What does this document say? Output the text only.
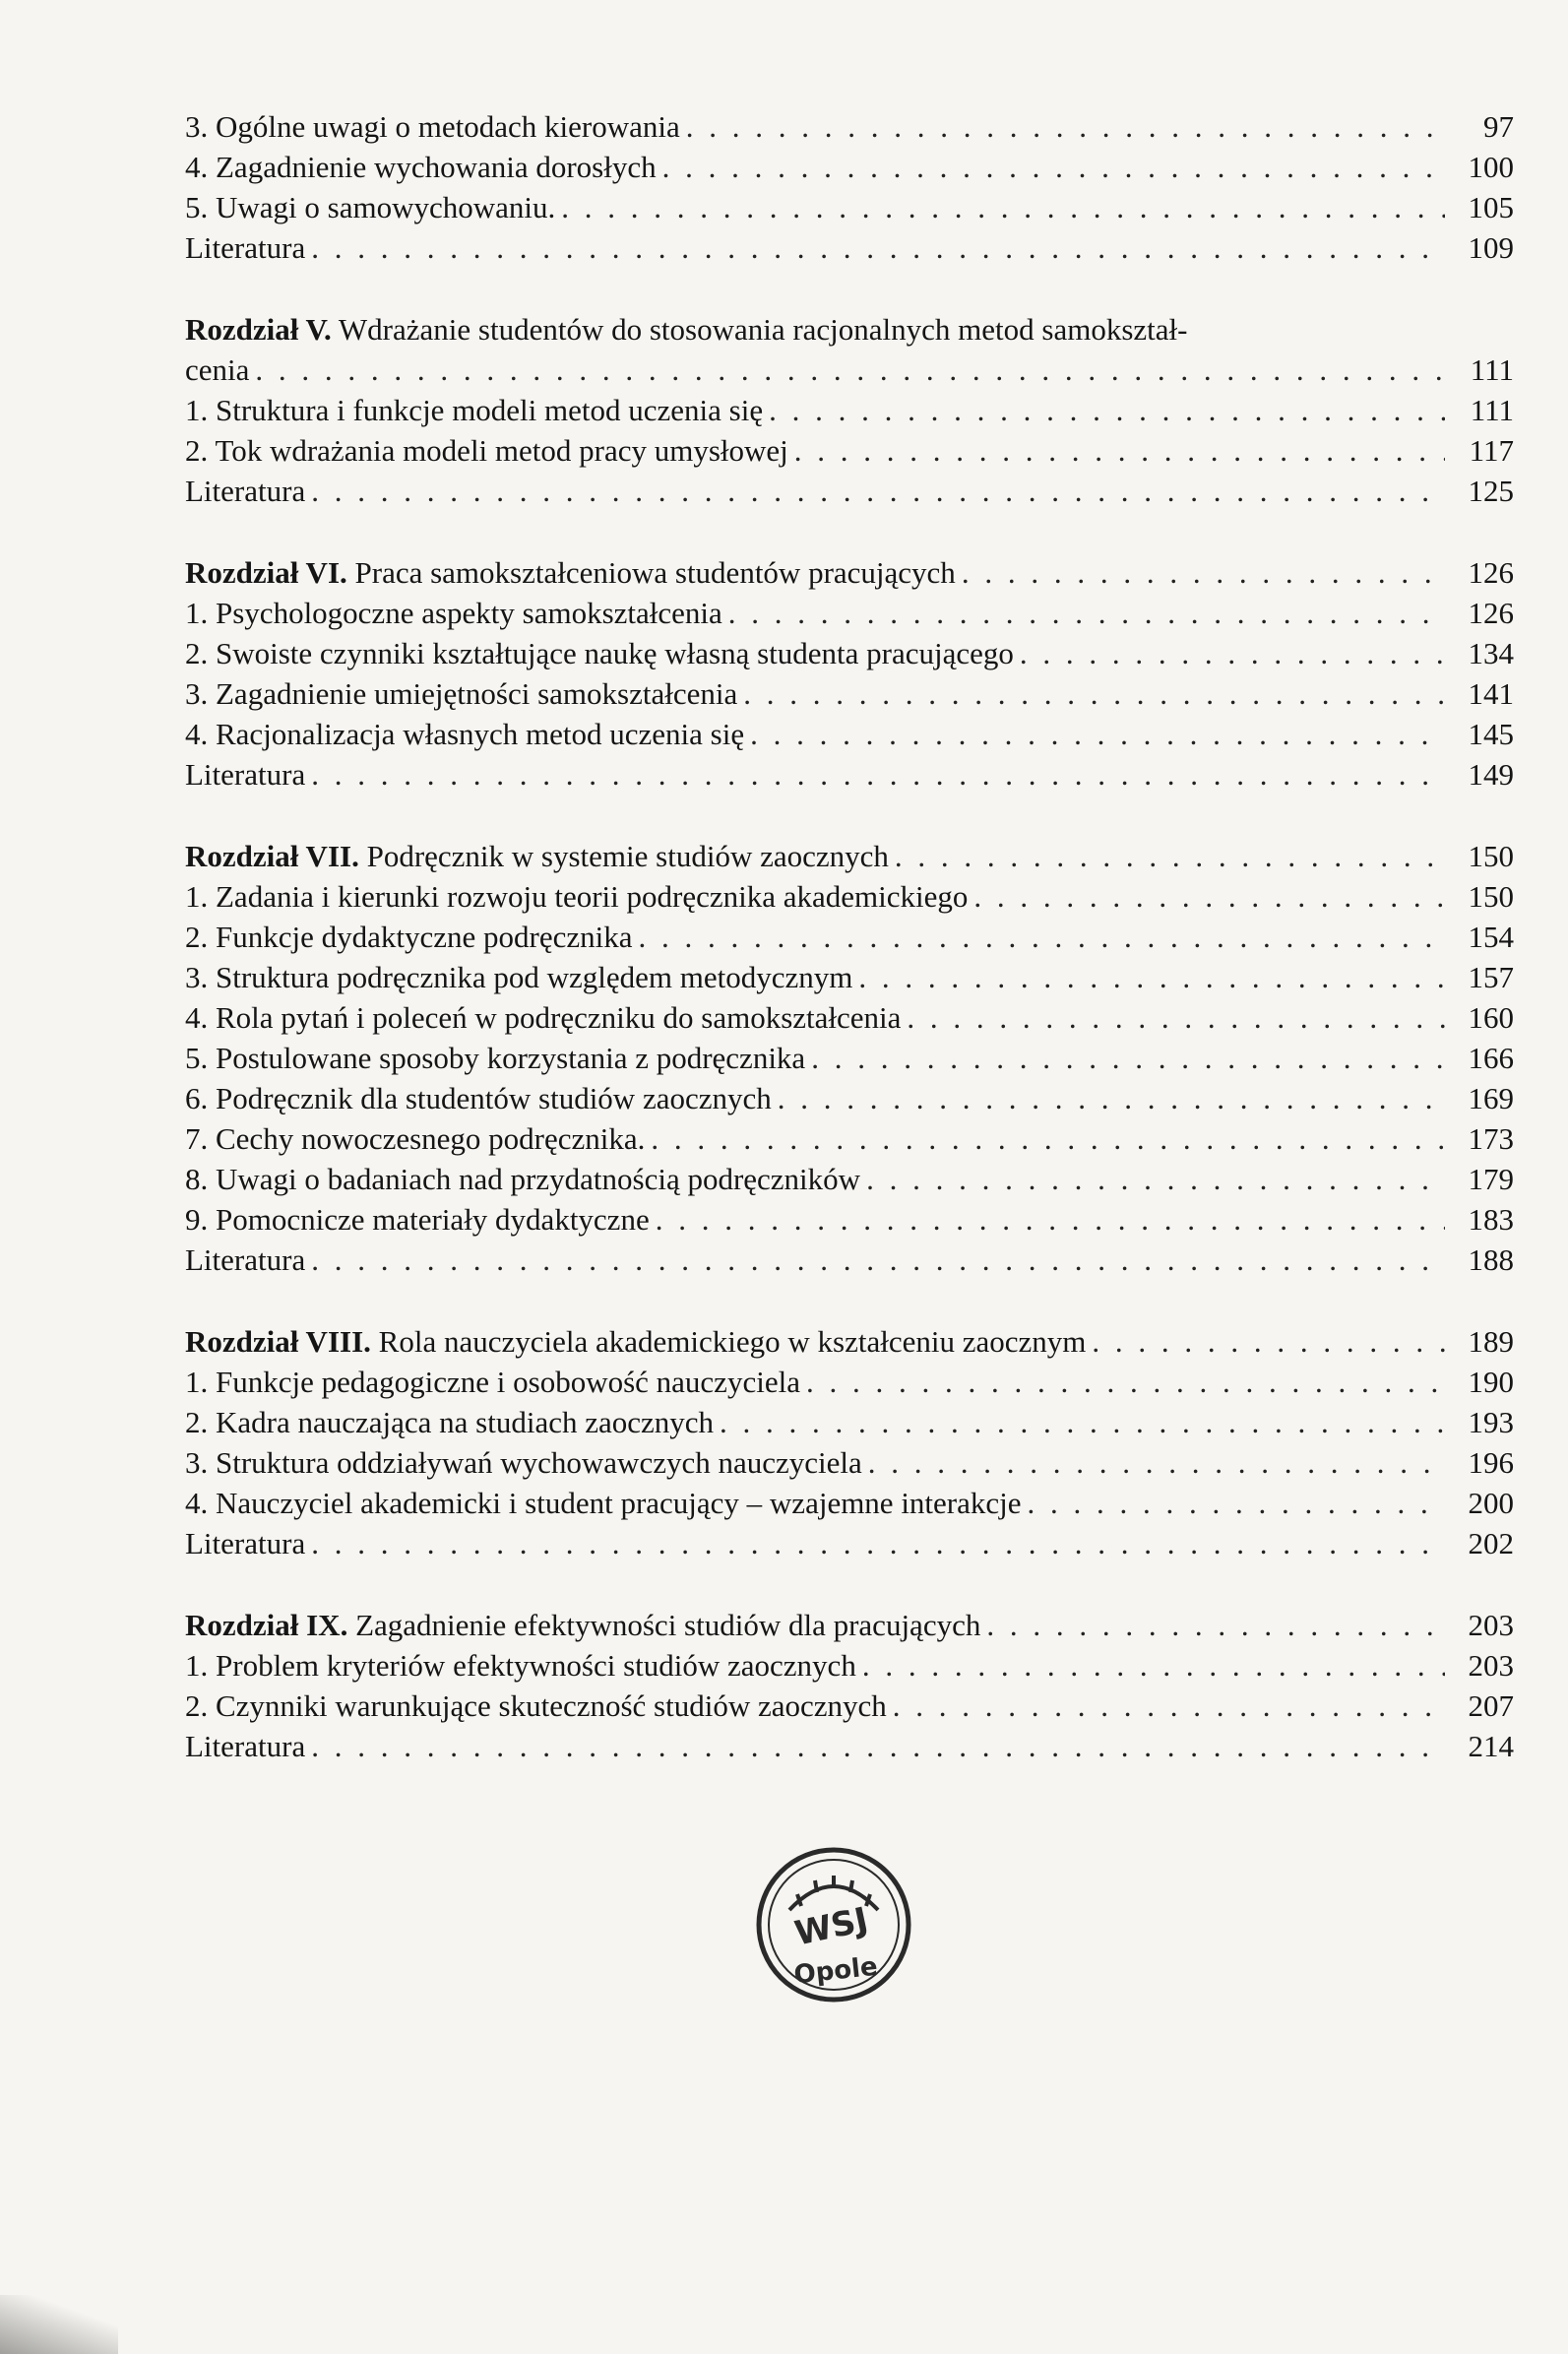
3. Ogólne uwagi o metodach kierowania . . .	97
4. Zagadnienie wychowania dorosłych . . .	100
5. Uwagi o samowychowaniu. . . .	105
Literatura . . .	109
Rozdział V. Wdrażanie studentów do stosowania racjonalnych metod samokształ-
cenia . . .	111
1. Struktura i funkcje modeli metod uczenia się . . .	111
2. Tok wdrażania modeli metod pracy umysłowej . . .	117
Literatura . . .	125
Rozdział VI. Praca samokształceniowa studentów pracujących . . .	126
1. Psychologoczne aspekty samokształcenia . . .	126
2. Swoiste czynniki kształtujące naukę własną studenta pracującego . . .	134
3. Zagadnienie umiejętności samokształcenia . . .	141
4. Racjonalizacja własnych metod uczenia się . . .	145
Literatura . . .	149
Rozdział VII. Podręcznik w systemie studiów zaocznych . . .	150
1. Zadania i kierunki rozwoju teorii podręcznika akademickiego . . .	150
2. Funkcje dydaktyczne podręcznika . . .	154
3. Struktura podręcznika pod względem metodycznym . . .	157
4. Rola pytań i poleceń w podręczniku do samokształcenia . . .	160
5. Postulowane sposoby korzystania z podręcznika . . .	166
6. Podręcznik dla studentów studiów zaocznych . . .	169
7. Cechy nowoczesnego podręcznika. . . .	173
8. Uwagi o badaniach nad przydatnością podręczników . . .	179
9. Pomocnicze materiały dydaktyczne . . .	183
Literatura . . .	188
Rozdział VIII. Rola nauczyciela akademickiego w kształceniu zaocznym . . .	189
1. Funkcje pedagogiczne i osobowość nauczyciela . . .	190
2. Kadra nauczająca na studiach zaocznych . . .	193
3. Struktura oddziaływań wychowawczych nauczyciela . . .	196
4. Nauczyciel akademicki i student pracujący – wzajemne interakcje . . .	200
Literatura . . .	202
Rozdział IX. Zagadnienie efektywności studiów dla pracujących . . .	203
1. Problem kryteriów efektywności studiów zaocznych . . .	203
2. Czynniki warunkujące skuteczność studiów zaocznych . . .	207
Literatura . . .	214
WSJ
Opole
